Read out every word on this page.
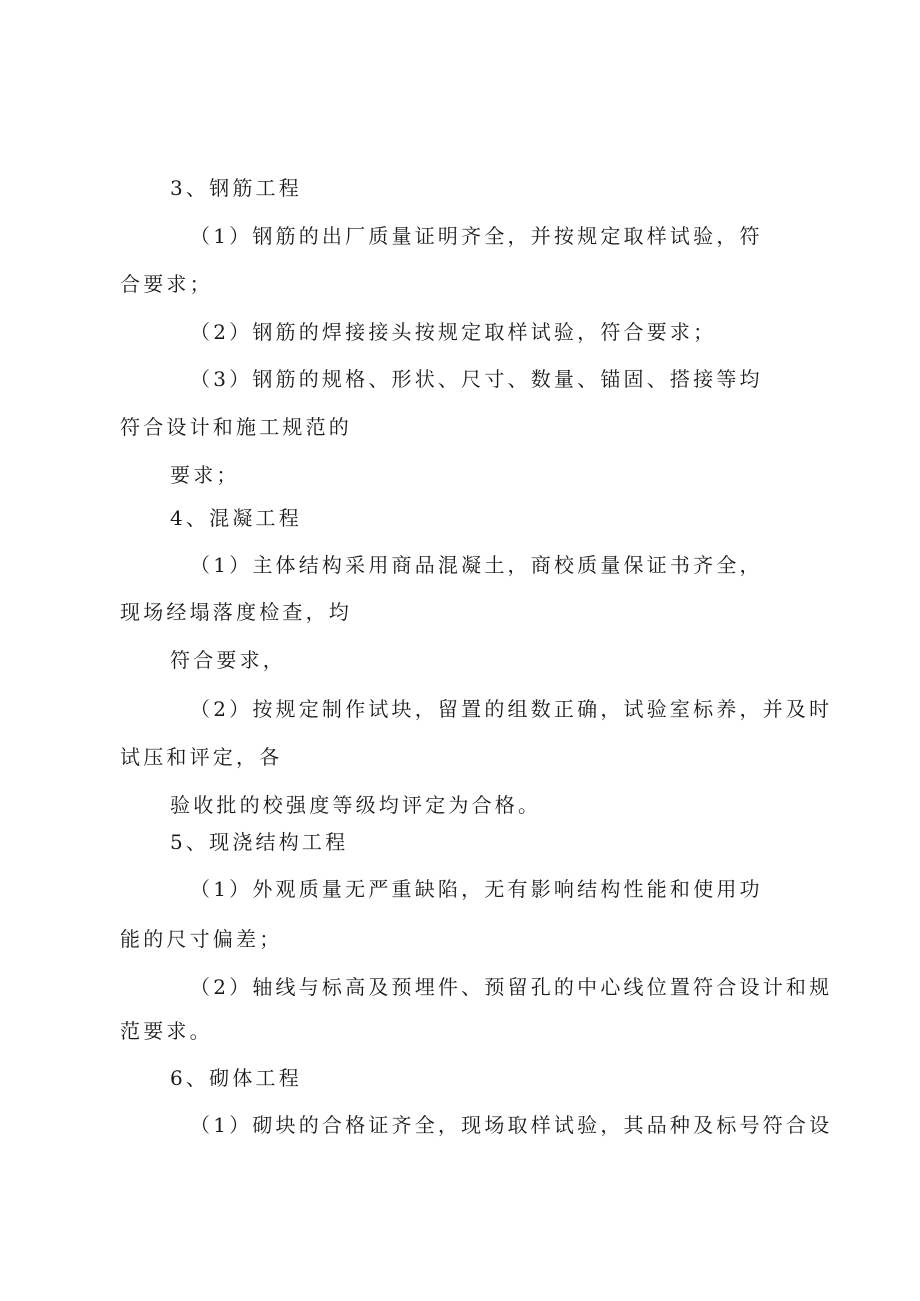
3、钢筋工程
（1）钢筋的出厂质量证明齐全，并按规定取样试验，符
合要求；
（2）钢筋的焊接接头按规定取样试验，符合要求；
（3）钢筋的规格、形状、尺寸、数量、锚固、搭接等均
符合设计和施工规范的
要求；
4、混凝工程
（1）主体结构采用商品混凝土，商校质量保证书齐全，
现场经塌落度检查，均
符合要求，
（2）按规定制作试块，留置的组数正确，试验室标养，并及时
试压和评定，各
验收批的校强度等级均评定为合格。
5、现浇结构工程
（1）外观质量无严重缺陷，无有影响结构性能和使用功
能的尺寸偏差；
（2）轴线与标高及预埋件、预留孔的中心线位置符合设计和规
范要求。
6、砌体工程
（1）砌块的合格证齐全，现场取样试验，其品种及标号符合设
